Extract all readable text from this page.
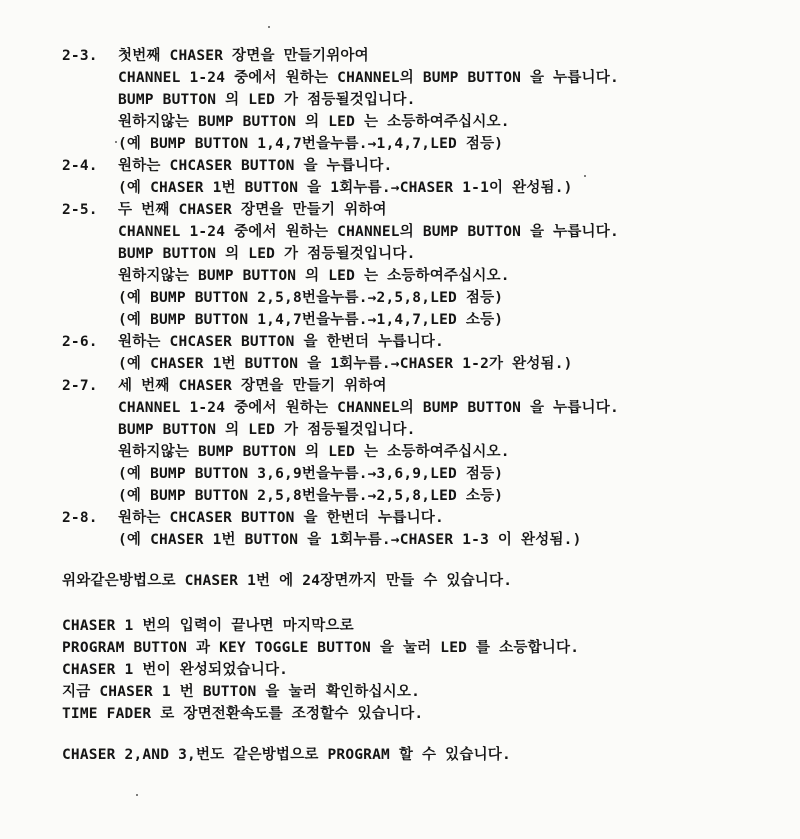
2-3. 첫번째 CHASER 장면을 만들기위아여
CHANNEL 1-24 중에서 원하는 CHANNEL의 BUMP BUTTON 을 누릅니다.
BUMP BUTTON 의 LED 가 점등될것입니다.
원하지않는 BUMP BUTTON 의 LED 는 소등하여주십시오.
(예 BUMP BUTTON 1,4,7번을누름.→1,4,7,LED 점등)
2-4. 원하는 CHCASER BUTTON 을 누릅니다.
(예 CHASER 1번 BUTTON 을 1회누름.→CHASER 1-1이 완성됨.)
2-5. 두 번째 CHASER 장면을 만들기 위하여
CHANNEL 1-24 중에서 원하는 CHANNEL의 BUMP BUTTON 을 누릅니다.
BUMP BUTTON 의 LED 가 점등될것입니다.
원하지않는 BUMP BUTTON 의 LED 는 소등하여주십시오.
(예 BUMP BUTTON 2,5,8번을누름.→2,5,8,LED 점등)
(예 BUMP BUTTON 1,4,7번을누름.→1,4,7,LED 소등)
2-6. 원하는 CHCASER BUTTON 을 한번더 누릅니다.
(예 CHASER 1번 BUTTON 을 1회누름.→CHASER 1-2가 완성됨.)
2-7. 세 번째 CHASER 장면을 만들기 위하여
CHANNEL 1-24 중에서 원하는 CHANNEL의 BUMP BUTTON 을 누릅니다.
BUMP BUTTON 의 LED 가 점등될것입니다.
원하지않는 BUMP BUTTON 의 LED 는 소등하여주십시오.
(예 BUMP BUTTON 3,6,9번을누름.→3,6,9,LED 점등)
(예 BUMP BUTTON 2,5,8번을누름.→2,5,8,LED 소등)
2-8. 원하는 CHCASER BUTTON 을 한번더 누릅니다.
(예 CHASER 1번 BUTTON 을 1회누름.→CHASER 1-3 이 완성됨.)
위와같은방법으로 CHASER 1번 에 24장면까지 만들 수 있습니다.
CHASER 1 번의 입력이 끝나면 마지막으로
PROGRAM BUTTON 과 KEY TOGGLE BUTTON 을 눌러 LED 를 소등합니다.
CHASER 1 번이 완성되었습니다.
지금 CHASER 1 번 BUTTON 을 눌러 확인하십시오.
TIME FADER 로 장면전환속도를 조정할수 있습니다.
CHASER 2,AND 3,번도 같은방법으로 PROGRAM 할 수 있습니다.
